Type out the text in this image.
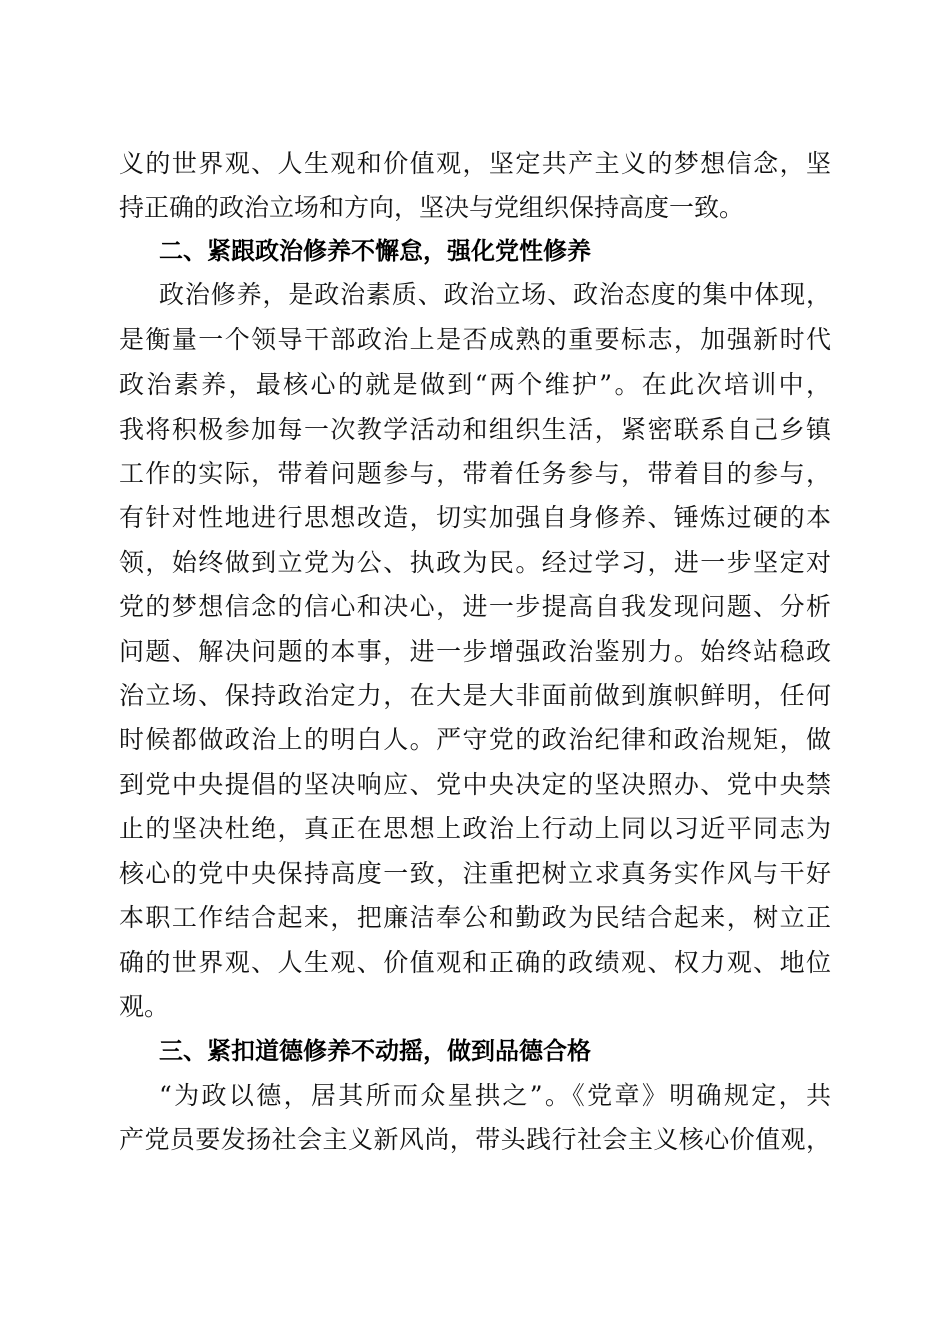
义的世界观、人生观和价值观，坚定共产主义的梦想信念，坚
持正确的政治立场和方向，坚决与党组织保持高度一致。
二、紧跟政治修养不懈怠，强化党性修养
政治修养，是政治素质、政治立场、政治态度的集中体现，
是衡量一个领导干部政治上是否成熟的重要标志，加强新时代
政治素养，最核心的就是做到“两个维护”。在此次培训中，
我将积极参加每一次教学活动和组织生活，紧密联系自己乡镇
工作的实际，带着问题参与，带着任务参与，带着目的参与，
有针对性地进行思想改造，切实加强自身修养、锤炼过硬的本
领，始终做到立党为公、执政为民。经过学习，进一步坚定对
党的梦想信念的信心和决心，进一步提高自我发现问题、分析
问题、解决问题的本事，进一步增强政治鉴别力。始终站稳政
治立场、保持政治定力，在大是大非面前做到旗帜鲜明，任何
时候都做政治上的明白人。严守党的政治纪律和政治规矩，做
到党中央提倡的坚决响应、党中央决定的坚决照办、党中央禁
止的坚决杜绝，真正在思想上政治上行动上同以习近平同志为
核心的党中央保持高度一致，注重把树立求真务实作风与干好
本职工作结合起来，把廉洁奉公和勤政为民结合起来，树立正
确的世界观、人生观、价值观和正确的政绩观、权力观、地位
观。
三、紧扣道德修养不动摇，做到品德合格
“为政以德，居其所而众星拱之”。《党章》明确规定，共
产党员要发扬社会主义新风尚，带头践行社会主义核心价值观，
